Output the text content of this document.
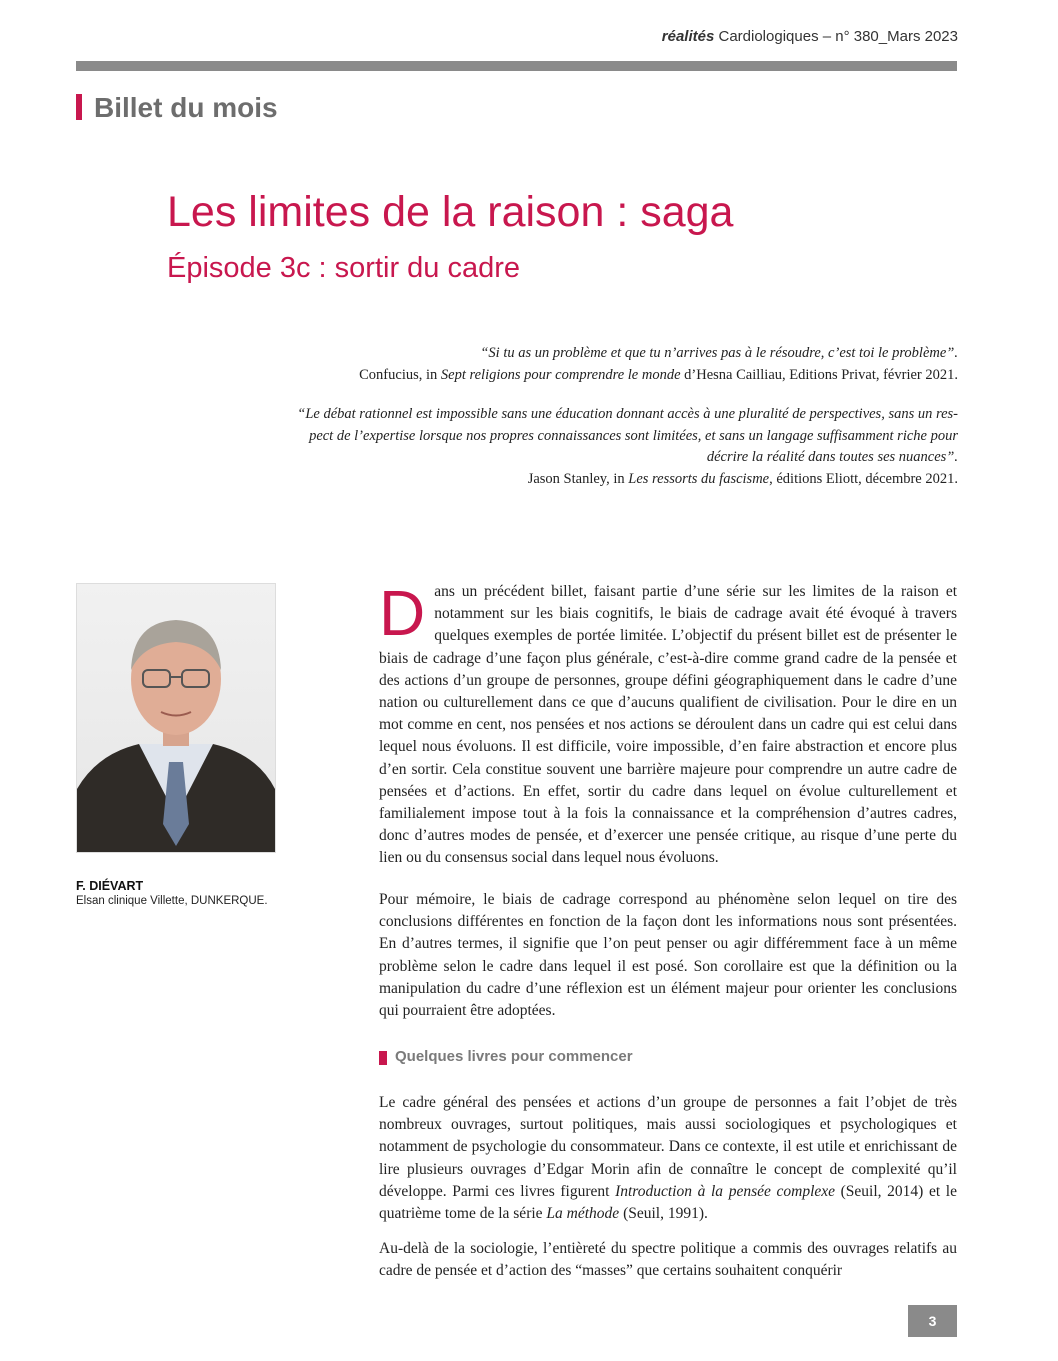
réalités Cardiologiques – n° 380_Mars 2023
Billet du mois
Les limites de la raison : saga
Épisode 3c : sortir du cadre
“Si tu as un problème et que tu n’arrives pas à le résoudre, c’est toi le problème”.
Confucius, in Sept religions pour comprendre le monde d’Hesna Cailliau, Editions Privat, février 2021.
“Le débat rationnel est impossible sans une éducation donnant accès à une pluralité de perspectives, sans un res-
pect de l’expertise lorsque nos propres connaissances sont limitées, et sans un langage suffisamment riche pour
décrire la réalité dans toutes ses nuances”.
Jason Stanley, in Les ressorts du fascisme, éditions Eliott, décembre 2021.
F. DIÉVART
Elsan clinique Villette, DUNKERQUE.
Dans un précédent billet, faisant partie d’une série sur les limites de la raison et notamment sur les biais cognitifs, le biais de cadrage avait été évoqué à travers quelques exemples de portée limitée. L’objectif du présent billet est de présenter le biais de cadrage d’une façon plus générale, c’est-à-dire comme grand cadre de la pensée et des actions d’un groupe de personnes, groupe défini géographiquement dans le cadre d’une nation ou culturellement dans ce que d’aucuns qualifient de civilisation. Pour le dire en un mot comme en cent, nos pensées et nos actions se déroulent dans un cadre qui est celui dans lequel nous évoluons. Il est difficile, voire impossible, d’en faire abstraction et encore plus d’en sortir. Cela constitue souvent une barrière majeure pour comprendre un autre cadre de pensées et d’actions. En effet, sortir du cadre dans lequel on évolue culturellement et familialement impose tout à la fois la connaissance et la compréhension d’autres cadres, donc d’autres modes de pensée, et d’exercer une pensée critique, au risque d’une perte du lien ou du consensus social dans lequel nous évoluons.
Pour mémoire, le biais de cadrage correspond au phénomène selon lequel on tire des conclusions différentes en fonction de la façon dont les informations nous sont présentées. En d’autres termes, il signifie que l’on peut penser ou agir différemment face à un même problème selon le cadre dans lequel il est posé. Son corollaire est que la définition ou la manipulation du cadre d’une réflexion est un élément majeur pour orienter les conclusions qui pourraient être adoptées.
Quelques livres pour commencer
Le cadre général des pensées et actions d’un groupe de personnes a fait l’objet de très nombreux ouvrages, surtout politiques, mais aussi sociologiques et psychologiques et notamment de psychologie du consommateur. Dans ce contexte, il est utile et enrichissant de lire plusieurs ouvrages d’Edgar Morin afin de connaître le concept de complexité qu’il développe. Parmi ces livres figurent Introduction à la pensée complexe (Seuil, 2014) et le quatrième tome de la série La méthode (Seuil, 1991).
Au-delà de la sociologie, l’entièreté du spectre politique a commis des ouvrages relatifs au cadre de pensée et d’action des “masses” que certains souhaitent conquérir
3
